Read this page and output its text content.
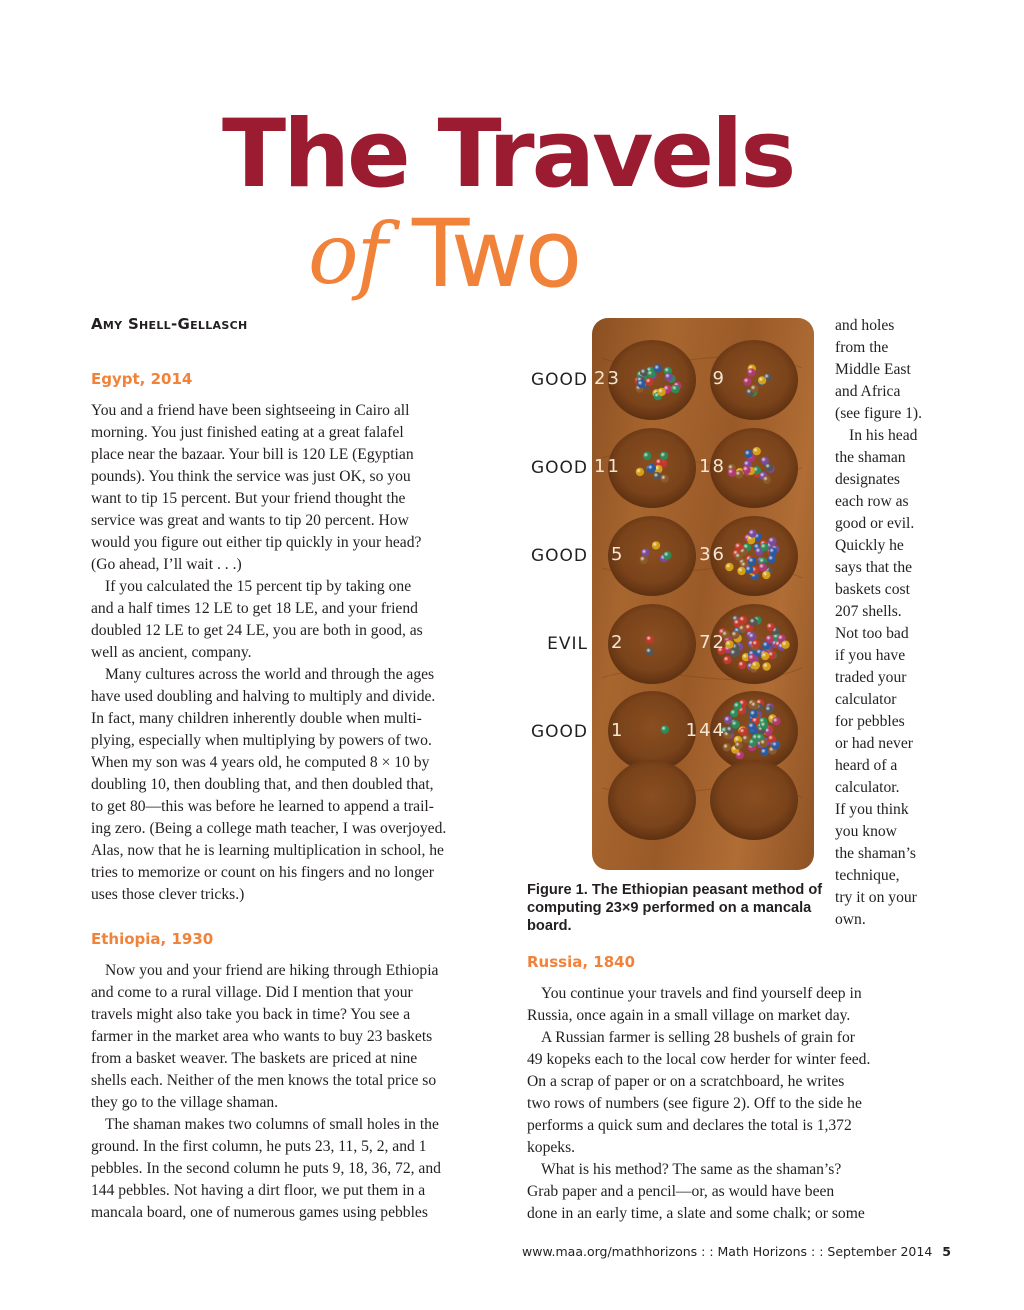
The Travels
of Two
Amy Shell-Gellasch
Egypt, 2014
You and a friend have been sightseeing in Cairo all
morning. You just finished eating at a great falafel
place near the bazaar. Your bill is 120 LE (Egyptian
pounds). You think the service was just OK, so you
want to tip 15 percent. But your friend thought the
service was great and wants to tip 20 percent. How
would you figure out either tip quickly in your head?
(Go ahead, I’ll wait . . .)
If you calculated the 15 percent tip by taking one
and a half times 12 LE to get 18 LE, and your friend
doubled 12 LE to get 24 LE, you are both in good, as
well as ancient, company.
Many cultures across the world and through the ages
have used doubling and halving to multiply and divide.
In fact, many children inherently double when multi-
plying, especially when multiplying by powers of two.
When my son was 4 years old, he computed 8 × 10 by
doubling 10, then doubling that, and then doubled that,
to get 80—this was before he learned to append a trail-
ing zero. (Being a college math teacher, I was overjoyed.
Alas, now that he is learning multiplication in school, he
tries to memorize or count on his fingers and no longer
uses those clever tricks.)
Ethiopia, 1930
Now you and your friend are hiking through Ethiopia
and come to a rural village. Did I mention that your
travels might also take you back in time? You see a
farmer in the market area who wants to buy 23 baskets
from a basket weaver. The baskets are priced at nine
shells each. Neither of the men knows the total price so
they go to the village shaman.
The shaman makes two columns of small holes in the
ground. In the first column, he puts 23, 11, 5, 2, and 1
pebbles. In the second column he puts 9, 18, 36, 72, and
144 pebbles. Not having a dirt floor, we put them in a
mancala board, one of numerous games using pebbles
and holes
from the
Middle East
and Africa
(see figure 1).
In his head
the shaman
designates
each row as
good or evil.
Quickly he
says that the
baskets cost
207 shells.
Not too bad
if you have
traded your
calculator
for pebbles
or had never
heard of a
calculator.
If you think
you know
the shaman’s
technique,
try it on your
own.
Russia, 1840
You continue your travels and find yourself deep in
Russia, once again in a small village on market day.
A Russian farmer is selling 28 bushels of grain for
49 kopeks each to the local cow herder for winter feed.
On a scrap of paper or on a scratchboard, he writes
two rows of numbers (see figure 2). Off to the side he
performs a quick sum and declares the total is 1,372
kopeks.
What is his method? The same as the shaman’s?
Grab paper and a pencil—or, as would have been
done in an early time, a slate and some chalk; or some
GOOD 23	9
GOOD 11	18
GOOD 5	36
EVIL 2	72
GOOD 1	144
Figure 1. The Ethiopian peasant method of computing 23×9 performed on a mancala board.
www.maa.org/mathhorizons : : Math Horizons : : September 2014 5
